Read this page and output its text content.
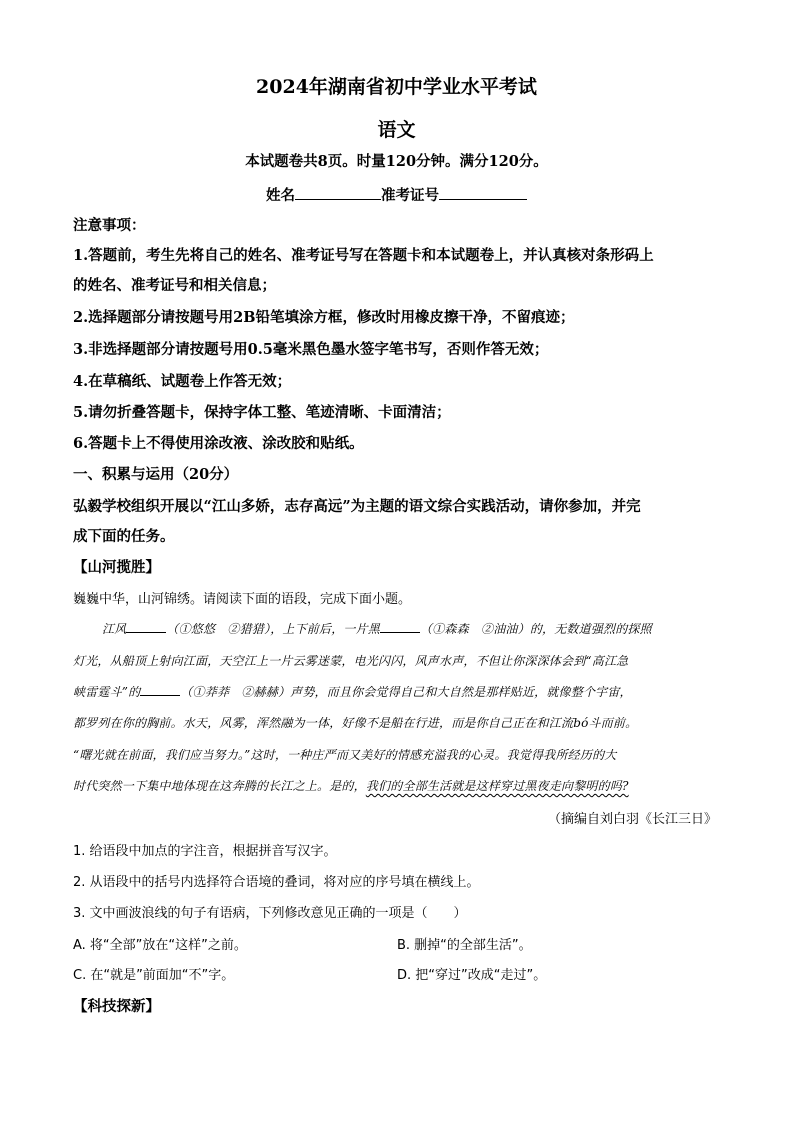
2024年湖南省初中学业水平考试
语文
本试题卷共8页。时量120分钟。满分120分。
姓名	准考证号
注意事项：
1.答题前，考生先将自己的姓名、准考证号写在答题卡和本试题卷上，并认真核对条形码上
的姓名、准考证号和相关信息；
2.选择题部分请按题号用2B铅笔填涂方框，修改时用橡皮擦干净，不留痕迹；
3.非选择题部分请按题号用0.5毫米黑色墨水签字笔书写，否则作答无效；
4.在草稿纸、试题卷上作答无效；
5.请勿折叠答题卡，保持字体工整、笔迹清晰、卡面清洁；
6.答题卡上不得使用涂改液、涂改胶和贴纸。
一、积累与运用（20分）
弘毅学校组织开展以“江山多娇，志存高远”为主题的语文综合实践活动，请你参加，并完
成下面的任务。
【山河揽胜】
巍巍中华，山河锦绣。请阅读下面的语段，完成下面小题。
江风	（①悠悠　②猎猎），上下前后，一片黑	（①森森　②油油）的，无数道强烈的探照
灯光，从船顶上射向江面，天空江上一片云雾迷蒙，电光闪闪，风声水声，不但让你深深体会到“高江急
峡雷霆斗”的	（①莽莽　②赫赫）声势，而且你会觉得自己和大自然是那样贴近，就像整个宇宙，
都罗列在你的胸前。水天，风雾，浑然融为一体，好像不是船在行进，而是你自己正在和江流bó斗而前。
“曙光就在前面，我们应当努力。”这时，一种庄严而又美好的情感充溢我的心灵。我觉得我所经历的大
时代突然一下集中地体现在这奔腾的长江之上。是的，我们的全部生活就是这样穿过黑夜走向黎明的吗?
（摘编自刘白羽《长江三日》
1. 给语段中加点的字注音，根据拼音写汉字。
2. 从语段中的括号内选择符合语境的叠词，将对应的序号填在横线上。
3. 文中画波浪线的句子有语病，下列修改意见正确的一项是（　　）
A. 将“全部”放在“这样”之前。	B. 删掉“的全部生活”。
C. 在“就是”前面加“不”字。	D. 把“穿过”改成“走过”。
【科技探新】
